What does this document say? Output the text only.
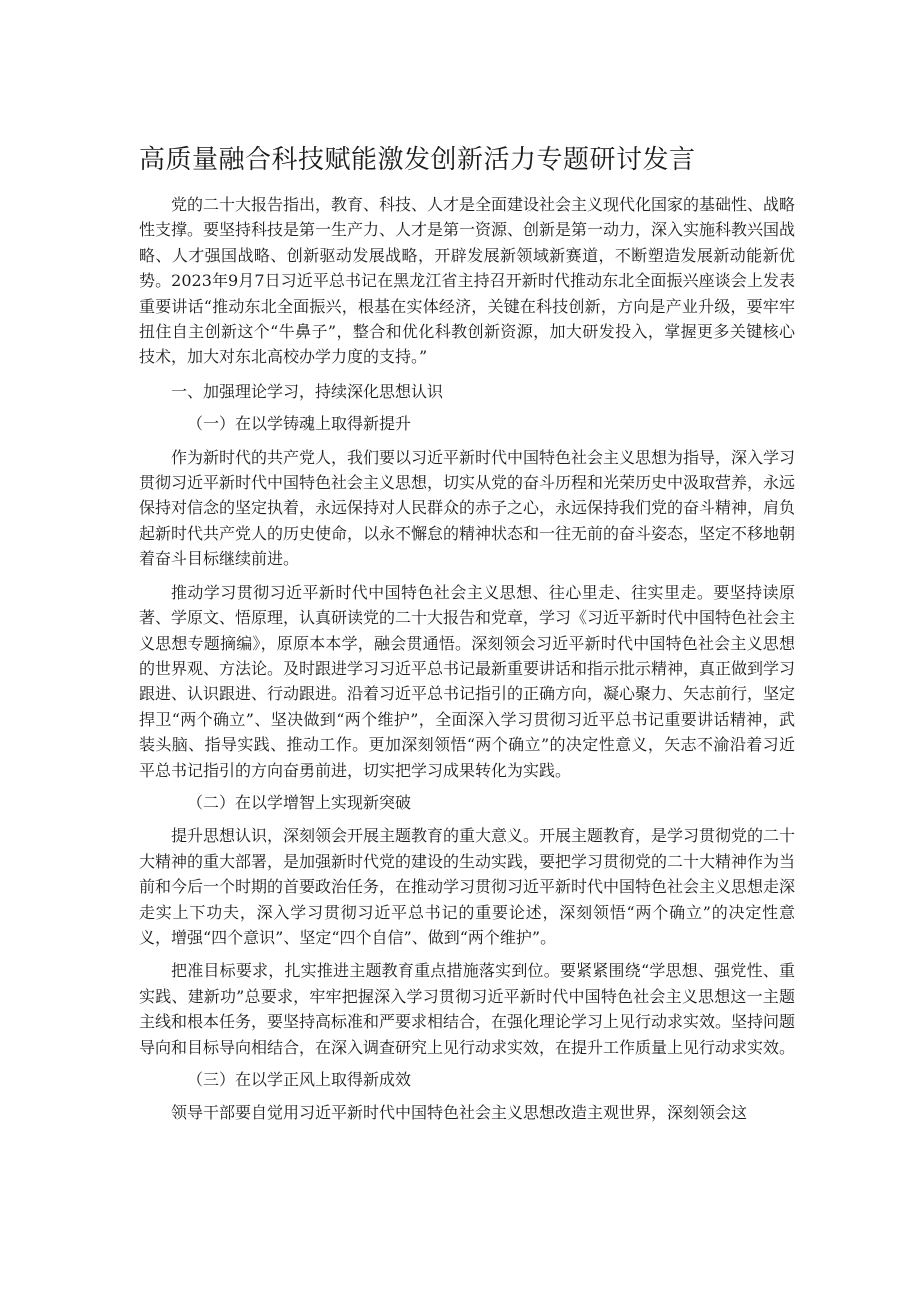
高质量融合科技赋能激发创新活力专题研讨发言

党的二十大报告指出，教育、科技、人才是全面建设社会主义现代化国家的基础性、战略性支撑。要坚持科技是第一生产力、人才是第一资源、创新是第一动力，深入实施科教兴国战略、人才强国战略、创新驱动发展战略，开辟发展新领域新赛道，不断塑造发展新动能新优势。2023年9月7日习近平总书记在黑龙江省主持召开新时代推动东北全面振兴座谈会上发表重要讲话“推动东北全面振兴，根基在实体经济，关键在科技创新，方向是产业升级，要牢牢扭住自主创新这个“牛鼻子”，整合和优化科教创新资源，加大研发投入，掌握更多关键核心技术，加大对东北高校办学力度的支持。”

一、加强理论学习，持续深化思想认识
（一）在以学铸魂上取得新提升

作为新时代的共产党人，我们要以习近平新时代中国特色社会主义思想为指导，深入学习贯彻习近平新时代中国特色社会主义思想，切实从党的奋斗历程和光荣历史中汲取营养，永远保持对信念的坚定执着，永远保持对人民群众的赤子之心，永远保持我们党的奋斗精神，肩负起新时代共产党人的历史使命，以永不懈怠的精神状态和一往无前的奋斗姿态，坚定不移地朝着奋斗目标继续前进。

推动学习贯彻习近平新时代中国特色社会主义思想、往心里走、往实里走。要坚持读原著、学原文、悟原理，认真研读党的二十大报告和党章，学习《习近平新时代中国特色社会主义思想专题摘编》，原原本本学，融会贯通悟。深刻领会习近平新时代中国特色社会主义思想的世界观、方法论。及时跟进学习习近平总书记最新重要讲话和指示批示精神，真正做到学习跟进、认识跟进、行动跟进。沿着习近平总书记指引的正确方向，凝心聚力、矢志前行，坚定捍卫“两个确立”、坚决做到“两个维护”，全面深入学习贯彻习近平总书记重要讲话精神，武装头脑、指导实践、推动工作。更加深刻领悟“两个确立”的决定性意义，矢志不渝沿着习近平总书记指引的方向奋勇前进，切实把学习成果转化为实践。

（二）在以学增智上实现新突破

提升思想认识，深刻领会开展主题教育的重大意义。开展主题教育，是学习贯彻党的二十大精神的重大部署，是加强新时代党的建设的生动实践，要把学习贯彻党的二十大精神作为当前和今后一个时期的首要政治任务，在推动学习贯彻习近平新时代中国特色社会主义思想走深走实上下功夫，深入学习贯彻习近平总书记的重要论述，深刻领悟“两个确立”的决定性意义，增强“四个意识”、坚定“四个自信”、做到“两个维护”。

把准目标要求，扎实推进主题教育重点措施落实到位。要紧紧围绕“学思想、强党性、重实践、建新功”总要求，牢牢把握深入学习贯彻习近平新时代中国特色社会主义思想这一主题主线和根本任务，要坚持高标准和严要求相结合，在强化理论学习上见行动求实效。坚持问题导向和目标导向相结合，在深入调查研究上见行动求实效，在提升工作质量上见行动求实效。

（三）在以学正风上取得新成效

领导干部要自觉用习近平新时代中国特色社会主义思想改造主观世界，深刻领会这
